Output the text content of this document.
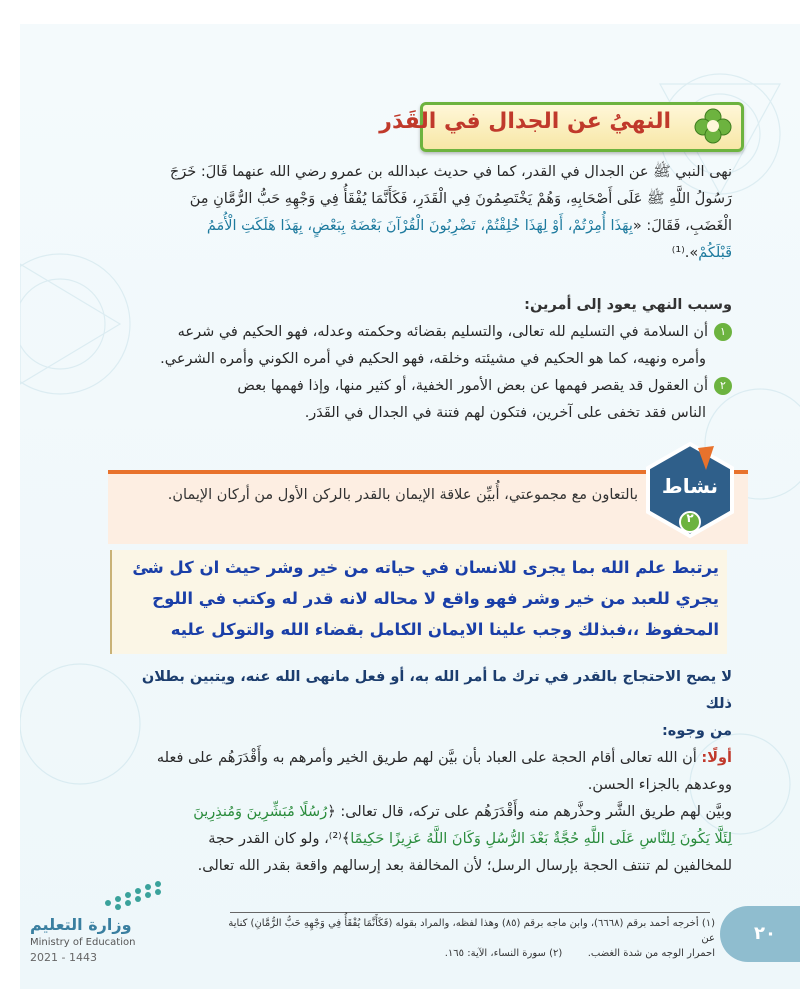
النهيُ عن الجدال في القَدَر
نهى النبي ﷺ عن الجدال في القدر، كما في حديث عبدالله بن عمرو رضي الله عنهما قَالَ: خَرَجَ
رَسُولُ اللَّهِ ﷺ عَلَى أَصْحَابِهِ، وَهُمْ يَخْتَصِمُونَ فِي الْقَدَرِ، فَكَأَنَّمَا يُفْقَأُ فِي وَجْهِهِ حَبُّ الرُّمَّانِ مِنَ
الْغَضَبِ، فَقَالَ: «بِهَذَا أُمِرْتُمْ، أَوْ لِهَذَا خُلِقْتُمْ، تَضْرِبُونَ الْقُرْآنَ بَعْضَهُ بِبَعْضٍ، بِهَذَا هَلَكَتِ الْأُمَمُ
قَبْلَكُمْ».⁽¹⁾
وسبب النهي يعود إلى أمرين:
١أن السلامة في التسليم لله تعالى، والتسليم بقضائه وحكمته وعدله، فهو الحكيم في شرعه
وأمره ونهيه، كما هو الحكيم في مشيئته وخلقه، فهو الحكيم في أمره الكوني وأمره الشرعي.
٢أن العقول قد يقصر فهمها عن بعض الأمور الخفية، أو كثير منها، وإذا فهمها بعض
الناس فقد تخفى على آخرين، فتكون لهم فتنة في الجدال في القَدَر.
بالتعاون مع مجموعتي، أُبيِّن علاقة الإيمان بالقدر بالركن الأول من أركان الإيمان.	نشاط
٢
يرتبط علم الله بما يجرى للانسان في حياته من خير وشر حيث ان كل شئ
يجري للعبد من خير وشر فهو واقع لا محاله لانه قدر له وكتب في اللوح
المحفوظ ،،فبذلك وجب علينا الايمان الكامل بقضاء الله والتوكل عليه
لا يصح الاحتجاج بالقدر في ترك ما أمر الله به، أو فعل مانهى الله عنه، ويتبين بطلان ذلك
من وجوه:
أولًا: أن الله تعالى أقام الحجة على العباد بأن بيَّن لهم طريق الخير وأمرهم به وأَقْدَرَهُم على فعله
ووعدهم بالجزاء الحسن.
وبيَّن لهم طريق الشَّر وحذَّرهم منه وأَقْدَرَهُم على تركه، قال تعالى: ﴿رُسُلًا مُبَشِّرِينَ وَمُنذِرِينَ
لِئَلَّا يَكُونَ لِلنَّاسِ عَلَى اللَّهِ حُجَّةٌ بَعْدَ الرُّسُلِ وَكَانَ اللَّهُ عَزِيزًا حَكِيمًا﴾⁽²⁾، ولو كان القدر حجة
للمخالفين لم تنتف الحجة بإرسال الرسل؛ لأن المخالفة بعد إرسالهم واقعة بقدر الله تعالى.
(١) أخرجه أحمد برقم (٦٦٦٨)، وابن ماجه برقم (٨٥) وهذا لفظه، والمراد بقوله (فَكَأَنَّمَا يُفْقَأُ فِي وَجْهِهِ حَبُّ الرُّمَّانِ) كناية عن
احمرار الوجه من شدة الغضب.        (٢) سورة النساء، الآية: ١٦٥.
٢٠
وزارة التعليم
Ministry of Education
2021 - 1443
